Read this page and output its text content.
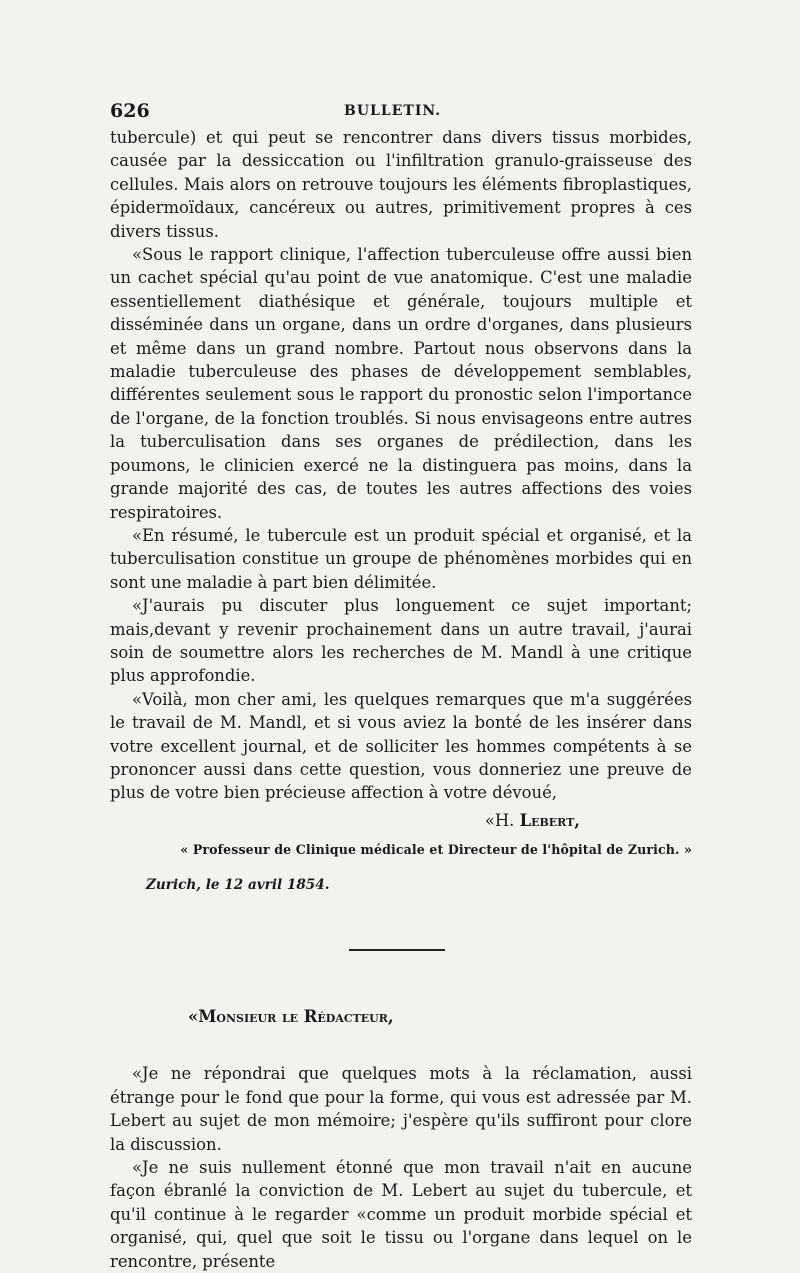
626	BULLETIN.

tubercule) et qui peut se rencontrer dans divers tissus morbides, causée par la dessiccation ou l'infiltration granulo-graisseuse des cellules. Mais alors on retrouve toujours les éléments fibroplastiques, épidermoïdaux, cancéreux ou autres, primitivement propres à ces divers tissus.

«Sous le rapport clinique, l'affection tuberculeuse offre aussi bien un cachet spécial qu'au point de vue anatomique. C'est une maladie essentiellement diathésique et générale, toujours multiple et disséminée dans un organe, dans un ordre d'organes, dans plusieurs et même dans un grand nombre. Partout nous observons dans la maladie tuberculeuse des phases de développement semblables, différentes seulement sous le rapport du pronostic selon l'importance de l'organe, de la fonction troublés. Si nous envisageons entre autres la tuberculisation dans ses organes de prédilection, dans les poumons, le clinicien exercé ne la distinguera pas moins, dans la grande majorité des cas, de toutes les autres affections des voies respiratoires.

«En résumé, le tubercule est un produit spécial et organisé, et la tuberculisation constitue un groupe de phénomènes morbides qui en sont une maladie à part bien délimitée.

«J'aurais pu discuter plus longuement ce sujet important; mais,devant y revenir prochainement dans un autre travail, j'aurai soin de soumettre alors les recherches de M. Mandl à une critique plus approfondie.

«Voilà, mon cher ami, les quelques remarques que m'a suggérées le travail de M. Mandl, et si vous aviez la bonté de les insérer dans votre excellent journal, et de solliciter les hommes compétents à se prononcer aussi dans cette question, vous donneriez une preuve de plus de votre bien précieuse affection à votre dévoué,

«H. Lebert,
« Professeur de Clinique médicale et Directeur de l'hôpital de Zurich. »
Zurich, le 12 avril 1854.
«Monsieur le Rédacteur,

«Je ne répondrai que quelques mots à la réclamation, aussi étrange pour le fond que pour la forme, qui vous est adressée par M. Lebert au sujet de mon mémoire; j'espère qu'ils suffiront pour clore la discussion.

«Je ne suis nullement étonné que mon travail n'ait en aucune façon ébranlé la conviction de M. Lebert au sujet du tubercule, et qu'il continue à le regarder «comme un produit morbide spécial et organisé, qui, quel que soit le tissu ou l'organe dans lequel on le rencontre, présente
